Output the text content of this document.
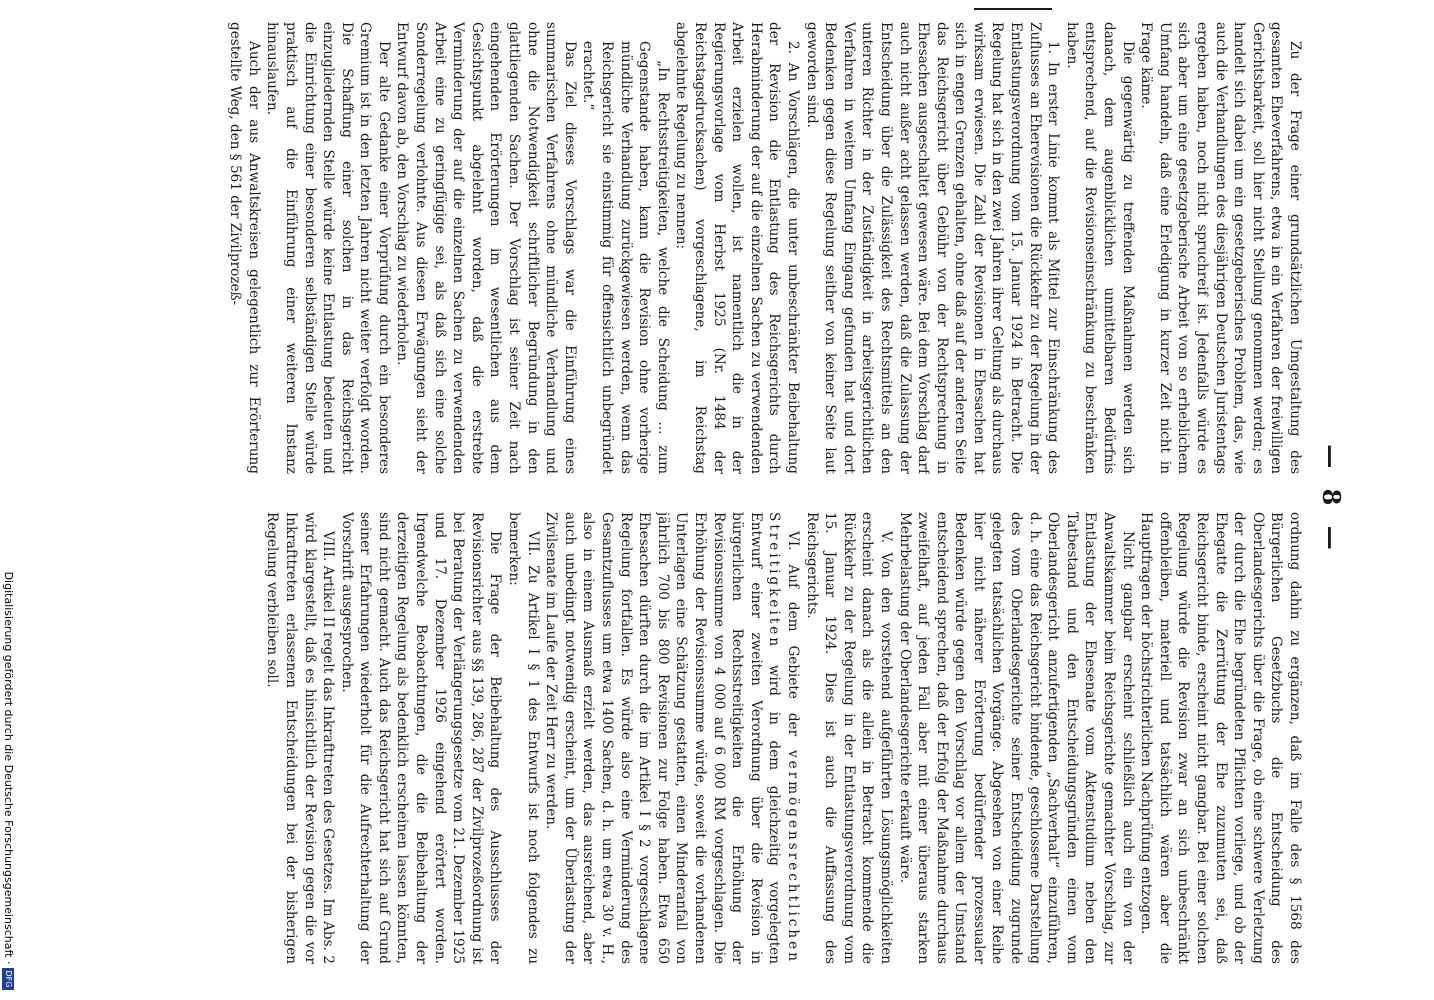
— 8 —

Zu der Frage einer grundsätzlichen Umgestaltung des gesamten Eheverfahrens, etwa in ein Verfahren der freiwilligen Gerichtsbarkeit, soll hier nicht Stellung genommen werden; es handelt sich dabei um ein gesetzgeberisches Problem, das, wie auch die Verhandlungen des diesjährigen Deutschen Juristentags ergeben haben, noch nicht spruchreif ist. Jedenfalls würde es sich aber um eine gesetzgeberische Arbeit von so erheblichem Umfang handeln, daß eine Erledigung in kurzer Zeit nicht in Frage käme.

Die gegenwärtig zu treffenden Maßnahmen werden sich danach, dem augenblicklichen unmittelbaren Bedürfnis entsprechend, auf die Revisionseinschränkung zu beschränken haben.

1. In erster Linie kommt als Mittel zur Einschränkung des Zuflusses an Eherevisionen die Rückkehr zu der Regelung in der Entlastungsverordnung vom 15. Januar 1924 in Betracht. Die Regelung hat sich in den zwei Jahren ihrer Geltung als durchaus wirksam erwiesen. Die Zahl der Revisionen in Ehesachen hat sich in engen Grenzen gehalten, ohne daß auf der anderen Seite das Reichsgericht über Gebühr von der Rechtsprechung in Ehesachen ausgeschaltet gewesen wäre. Bei dem Vorschlag darf auch nicht außer acht gelassen werden, daß die Zulassung der Entscheidung über die Zulässigkeit des Rechtsmittels an den unteren Richter in der Zuständigkeit in arbeitsgerichtlichen Verfahren in weitem Umfang Eingang gefunden hat und dort Bedenken gegen diese Regelung seither von keiner Seite laut geworden sind.

2. An Vorschlägen, die unter unbeschränkter Beibehaltung der Revision die Entlastung des Reichsgerichts durch Herabminderung der auf die einzelnen Sachen zu verwendenden Arbeit erzielen wollen, ist namentlich die in der Regierungsvorlage vom Herbst 1925 (Nr. 1484 der Reichstagsdrucksachen) vorgeschlagene, im Reichstag abgelehnte Regelung zu nennen:

„In Rechtsstreitigkeiten, welche die Scheidung ... zum Gegenstande haben, kann die Revision ohne vorherige mündliche Verhandlung zurückgewiesen werden, wenn das Reichsgericht sie einstimmig für offensichtlich unbegründet erachtet.“

Das Ziel dieses Vorschlags war die Einführung eines summarischen Verfahrens ohne mündliche Verhandlung und ohne die Notwendigkeit schriftlicher Begründung in den glattliegenden Sachen. Der Vorschlag ist seiner Zeit nach eingehenden Erörterungen im wesentlichen aus dem Gesichtspunkt abgelehnt worden, daß die erstrebte Verminderung der auf die einzelnen Sachen zu verwendenden Arbeit eine zu geringfügige sei, als daß sich eine solche Sonderregelung verlohnte. Aus diesen Erwägungen sieht der Entwurf davon ab, den Vorschlag zu wiederholen.

Der alte Gedanke einer Vorprüfung durch ein besonderes Gremium ist in den letzten Jahren nicht weiter verfolgt worden. Die Schaffung einer solchen in das Reichsgericht einzugliedernden Stelle würde keine Entlastung bedeuten und die Einrichtung einer besonderen selbständigen Stelle würde praktisch auf die Einführung einer weiteren Instanz hinauslaufen.

Auch der aus Anwaltskreisen gelegentlich zur Erörterung gestellte Weg, den § 561 der Zivilprozeß-

ordnung dahin zu ergänzen, daß im Falle des § 1568 des Bürgerlichen Gesetzbuchs die Entscheidung des Oberlandesgerichts über die Frage, ob eine schwere Verletzung der durch die Ehe begründeten Pflichten vorliege, und ob der Ehegatte die Zerrüttung der Ehe zuzumuten sei, daß Reichsgericht binde, erscheint nicht gangbar. Bei einer solchen Regelung würde die Revision zwar an sich unbeschränkt offenbleiben, materiell und tatsächlich wären aber die Hauptfragen der höchstrichterlichen Nachprüfung entzogen.

Nicht gangbar erscheint schließlich auch ein von der Anwaltskammer beim Reichsgerichte gemachter Vorschlag, zur Entlastung der Ehesenate vom Aktenstudium neben den Tatbestand und den Entscheidungsgründen einen vom Oberlandesgericht anzufertigenden „Sachverhalt“ einzuführen, d. h. eine das Reichsgericht bindende, geschlossene Darstellung des vom Oberlandesgerichte seiner Entscheidung zugrunde gelegten tatsächlichen Vorgänge. Abgesehen von einer Reihe hier nicht näherer Erörterung bedürfender prozessualer Bedenken würde gegen den Vorschlag vor allem der Umstand entscheidend sprechen, daß der Erfolg der Maßnahme durchaus zweifelhaft, auf jeden Fall aber mit einer überaus starken Mehrbelastung der Oberlandesgerichte erkauft wäre.

V. Von den vorstehend aufgeführten Lösungsmöglichkeiten erscheint danach als die allein in Betracht kommende die Rückkehr zu der Regelung in der Entlastungsverordnung vom 15. Januar 1924. Dies ist auch die Auffassung des Reichsgerichts.

VI. Auf dem Gebiete der vermögensrechtlichen Streitigkeiten wird in dem gleichzeitig vorgelegten Entwurf einer zweiten Verordnung über die Revision in bürgerlichen Rechtsstreitigkeiten die Erhöhung der Revisionssumme von 4 000 auf 6 000 RM vorgeschlagen. Die Erhöhung der Revisionssumme würde, soweit die vorhandenen Unterlagen eine Schätzung gestatten, einen Minderanfall von jährlich 700 bis 800 Revisionen zur Folge haben. Etwa 650 Ehesachen dürften durch die im Artikel I § 2 vorgeschlagene Regelung fortfallen. Es würde also eine Verminderung des Gesamtzuflusses um etwa 1400 Sachen, d. h. um etwa 30 v. H., also in einem Ausmaß erzielt werden, das ausreichend, aber auch unbedingt notwendig erscheint, um der Überlastung der Zivilsenate im Laufe der Zeit Herr zu werden.

VII. Zu Artikel I § 1 des Entwurfs ist noch folgendes zu bemerken:

Die Frage der Beibehaltung des Ausschlusses der Revisionsrichter aus §§ 139, 286, 287 der Zivilprozeßordnung ist bei Beratung der Verlängerungsgesetze vom 21. Dezember 1925 und 17. Dezember 1926 eingehend erörtert worden. Irgendwelche Beobachtungen, die die Beibehaltung der derzeitigen Regelung als bedenklich erscheinen lassen könnten, sind nicht gemacht. Auch das Reichsgericht hat sich auf Grund seiner Erfahrungen wiederholt für die Aufrechterhaltung der Vorschrift ausgesprochen.

VIII. Artikel II regelt das Inkrafttreten des Gesetzes. Im Abs. 2 wird klargestellt, daß es hinsichtlich der Revision gegen die vor Inkrafttreten erlassenen Entscheidungen bei der bisherigen Regelung verbleiben soll.

Digitalisierung gefördert durch die Deutsche Forschungsgemeinschaft · DFG
